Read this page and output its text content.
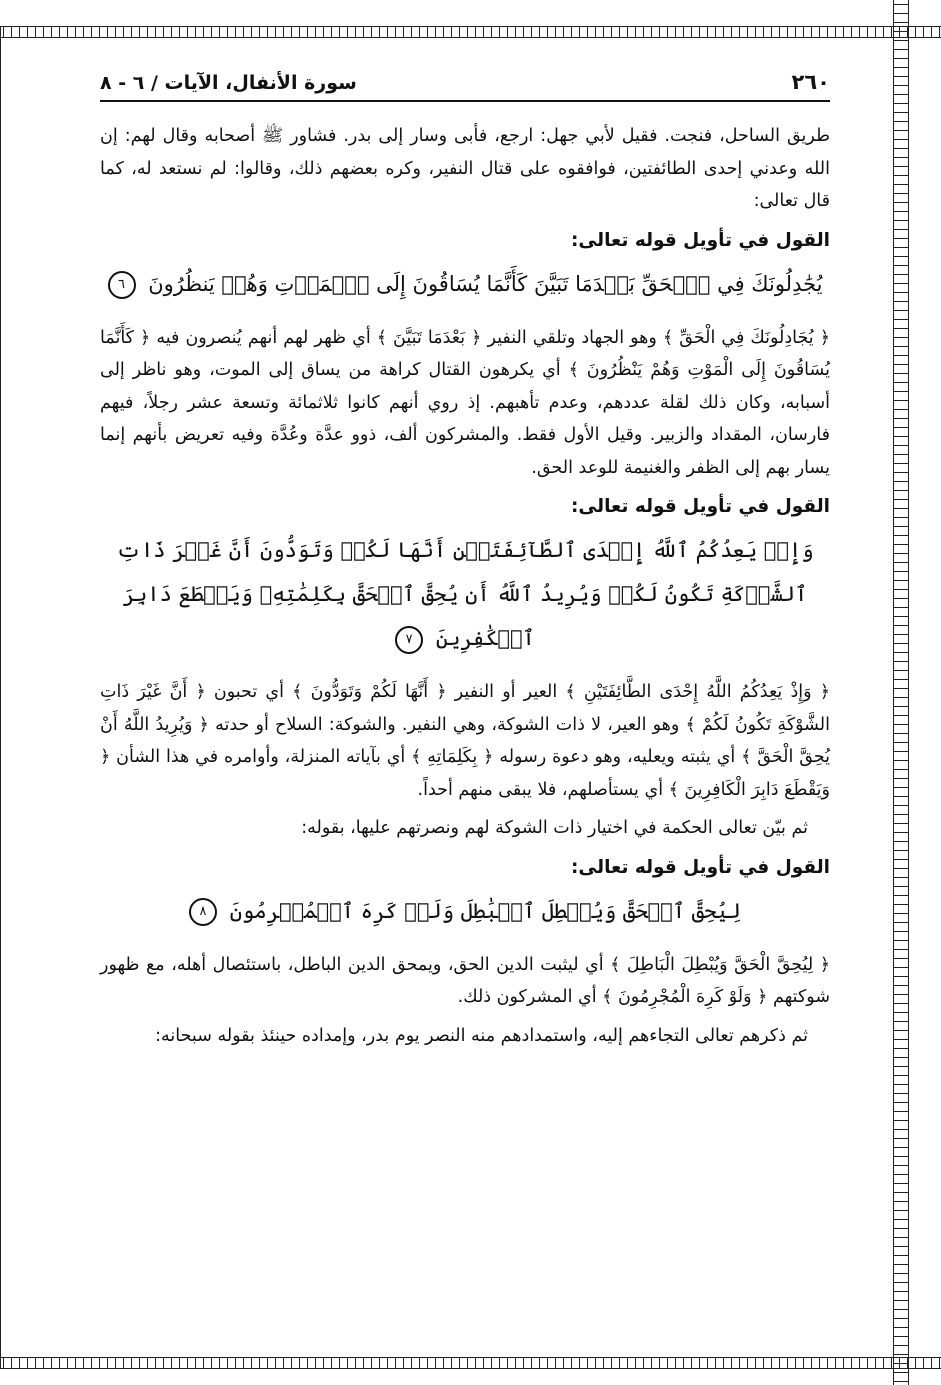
٢٦٠
سورة الأنفال، الآيات / ٦ - ٨

طريق الساحل، فنجت. فقيل لأبي جهل: ارجع، فأبى وسار إلى بدر. فشاور ﷺ أصحابه وقال لهم: إن الله وعدني إحدى الطائفتين، فوافقوه على قتال النفير، وكره بعضهم ذلك، وقالوا: لم نستعد له، كما قال تعالى:

القول في تأويل قوله تعالى:
يُجَٰدِلُونَكَ فِي ٱلۡحَقِّ بَعۡدَمَا تَبَيَّنَ كَأَنَّمَا يُسَاقُونَ إِلَى ٱلۡمَوۡتِ وَهُمۡ يَنظُرُونَ ٦

﴿ يُجَادِلُونَكَ فِي الْحَقِّ ﴾ وهو الجهاد وتلقي النفير ﴿ بَعْدَمَا تَبَيَّنَ ﴾ أي ظهر لهم أنهم يُنصرون فيه ﴿ كَأَنَّمَا يُسَاقُونَ إِلَى الْمَوْتِ وَهُمْ يَنْظُرُونَ ﴾ أي يكرهون القتال كراهة من يساق إلى الموت، وهو ناظر إلى أسبابه، وكان ذلك لقلة عددهم، وعدم تأهبهم. إذ روي أنهم كانوا ثلاثمائة وتسعة عشر رجلاً، فيهم فارسان، المقداد والزبير. وقيل الأول فقط. والمشركون ألف، ذوو عدَّة وعُدَّة وفيه تعريض بأنهم إنما يسار بهم إلى الظفر والغنيمة للوعد الحق.

القول في تأويل قوله تعالى:
وَإِذۡ يَعِدُكُمُ ٱللَّهُ إِحۡدَى ٱلطَّآئِفَتَيۡنِ أَنَّهَا لَكُمۡ وَتَوَدُّونَ أَنَّ غَيۡرَ ذَاتِ ٱلشَّوۡكَةِ تَكُونُ لَكُمۡ وَيُرِيدُ ٱللَّهُ أَن يُحِقَّ ٱلۡحَقَّ بِكَلِمَٰتِهِۦ وَيَقۡطَعَ دَابِرَ ٱلۡكَٰفِرِينَ ٧

﴿ وَإِذْ يَعِدُكُمُ اللَّهُ إِحْدَى الطَّائِفَتَيْنِ ﴾ العير أو النفير ﴿ أَنَّهَا لَكُمْ وَتَوَدُّونَ ﴾ أي تحبون ﴿ أَنَّ غَيْرَ ذَاتِ الشَّوْكَةِ تَكُونُ لَكُمْ ﴾ وهو العير، لا ذات الشوكة، وهي النفير. والشوكة: السلاح أو حدته ﴿ وَيُرِيدُ اللَّهُ أَنْ يُحِقَّ الْحَقَّ ﴾ أي يثبته ويعليه، وهو دعوة رسوله ﴿ بِكَلِمَاتِهِ ﴾ أي بآياته المنزلة، وأوامره في هذا الشأن ﴿ وَيَقْطَعَ دَابِرَ الْكَافِرِينَ ﴾ أي يستأصلهم، فلا يبقى منهم أحداً.

ثم بيّن تعالى الحكمة في اختيار ذات الشوكة لهم ونصرتهم عليها، بقوله:

القول في تأويل قوله تعالى:
لِيُحِقَّ ٱلۡحَقَّ وَيُبۡطِلَ ٱلۡبَٰطِلَ وَلَوۡ كَرِهَ ٱلۡمُجۡرِمُونَ ٨

﴿ لِيُحِقَّ الْحَقَّ وَيُبْطِلَ الْبَاطِلَ ﴾ أي ليثبت الدين الحق، ويمحق الدين الباطل، باستئصال أهله، مع ظهور شوكتهم ﴿ وَلَوْ كَرِهَ الْمُجْرِمُونَ ﴾ أي المشركون ذلك.

ثم ذكرهم تعالى التجاءهم إليه، واستمدادهم منه النصر يوم بدر، وإمداده حينئذ بقوله سبحانه:
